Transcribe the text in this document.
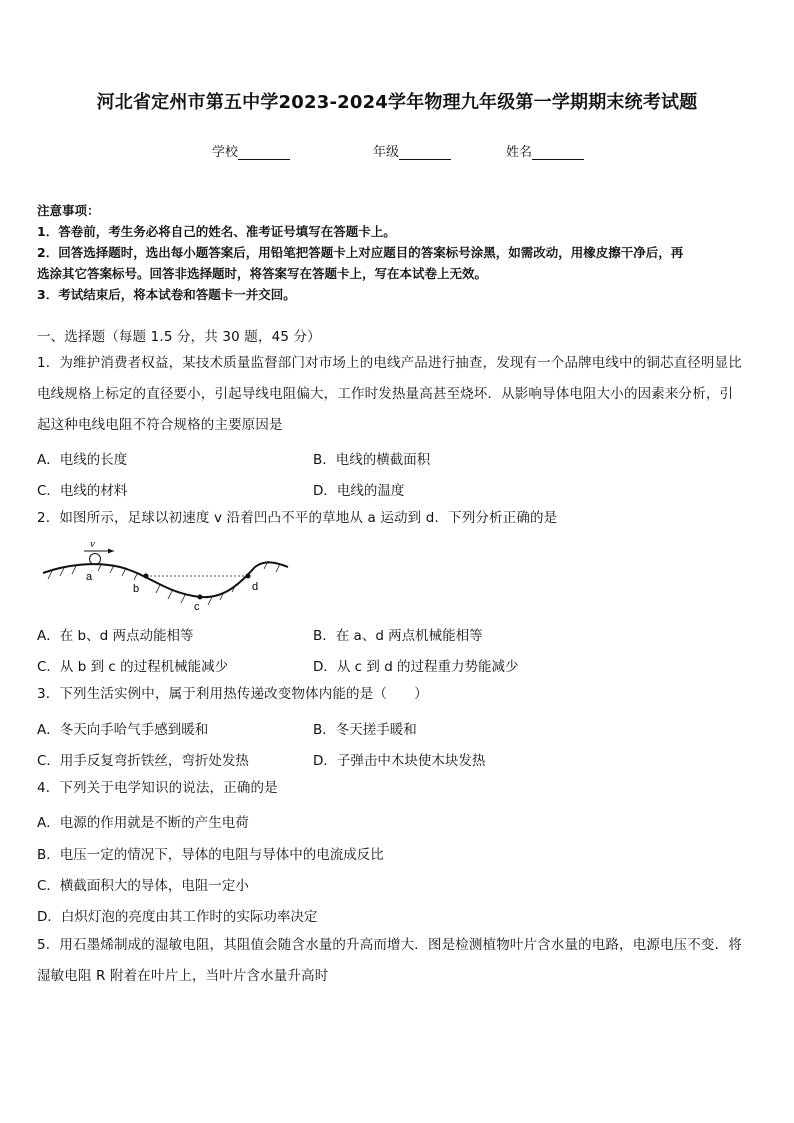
河北省定州市第五中学2023-2024学年物理九年级第一学期期末统考试题
学校	年级	姓名
注意事项：
1．答卷前，考生务必将自己的姓名、准考证号填写在答题卡上。
2．回答选择题时，选出每小题答案后，用铅笔把答题卡上对应题目的答案标号涂黑，如需改动，用橡皮擦干净后，再
选涂其它答案标号。回答非选择题时，将答案写在答题卡上，写在本试卷上无效。
3．考试结束后，将本试卷和答题卡一并交回。
一、选择题（每题 1.5 分，共 30 题，45 分）
1．为维护消费者权益，某技术质量监督部门对市场上的电线产品进行抽查，发现有一个品牌电线中的铜芯直径明显比
电线规格上标定的直径要小，引起导线电阻偏大，工作时发热量高甚至烧坏．从影响导体电阻大小的因素来分析，引
起这种电线电阻不符合规格的主要原因是
A．电线的长度	B．电线的横截面积
C．电线的材料	D．电线的温度
2．如图所示，足球以初速度 v 沿着凹凸不平的草地从 a 运动到 d．下列分析正确的是
v
a
b
c
d
A．在 b、d 两点动能相等	B．在 a、d 两点机械能相等
C．从 b 到 c 的过程机械能减少	D．从 c 到 d 的过程重力势能减少
3．下列生活实例中，属于利用热传递改变物体内能的是（　　）
A．冬天向手哈气手感到暖和	B．冬天搓手暖和
C．用手反复弯折铁丝，弯折处发热	D．子弹击中木块使木块发热
4．下列关于电学知识的说法，正确的是
A．电源的作用就是不断的产生电荷
B．电压一定的情况下，导体的电阻与导体中的电流成反比
C．横截面积大的导体，电阻一定小
D．白炽灯泡的亮度由其工作时的实际功率决定
5．用石墨烯制成的湿敏电阻，其阻值会随含水量的升高而增大．图是检测植物叶片含水量的电路，电源电压不变．将
湿敏电阻 R 附着在叶片上，当叶片含水量升高时
